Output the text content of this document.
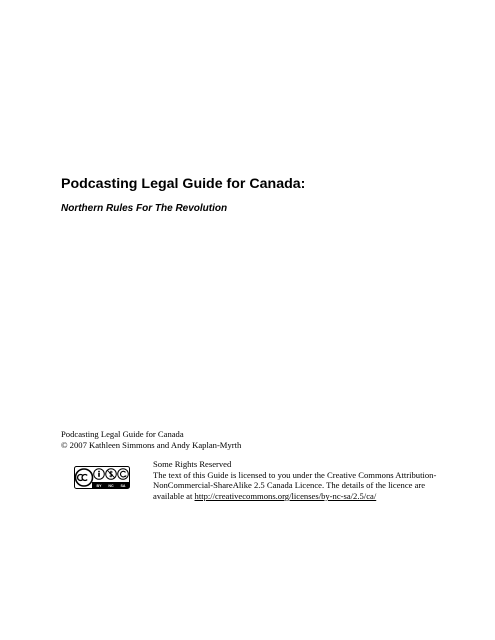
Podcasting Legal Guide for Canada:
Northern Rules For The Revolution
Podcasting Legal Guide for Canada
© 2007 Kathleen Simmons and Andy Kaplan-Myrth
BY NC SA
Some Rights Reserved
The text of this Guide is licensed to you under the Creative Commons Attribution-
NonCommercial-ShareAlike 2.5 Canada Licence. The details of the licence are
available at http://creativecommons.org/licenses/by-nc-sa/2.5/ca/
